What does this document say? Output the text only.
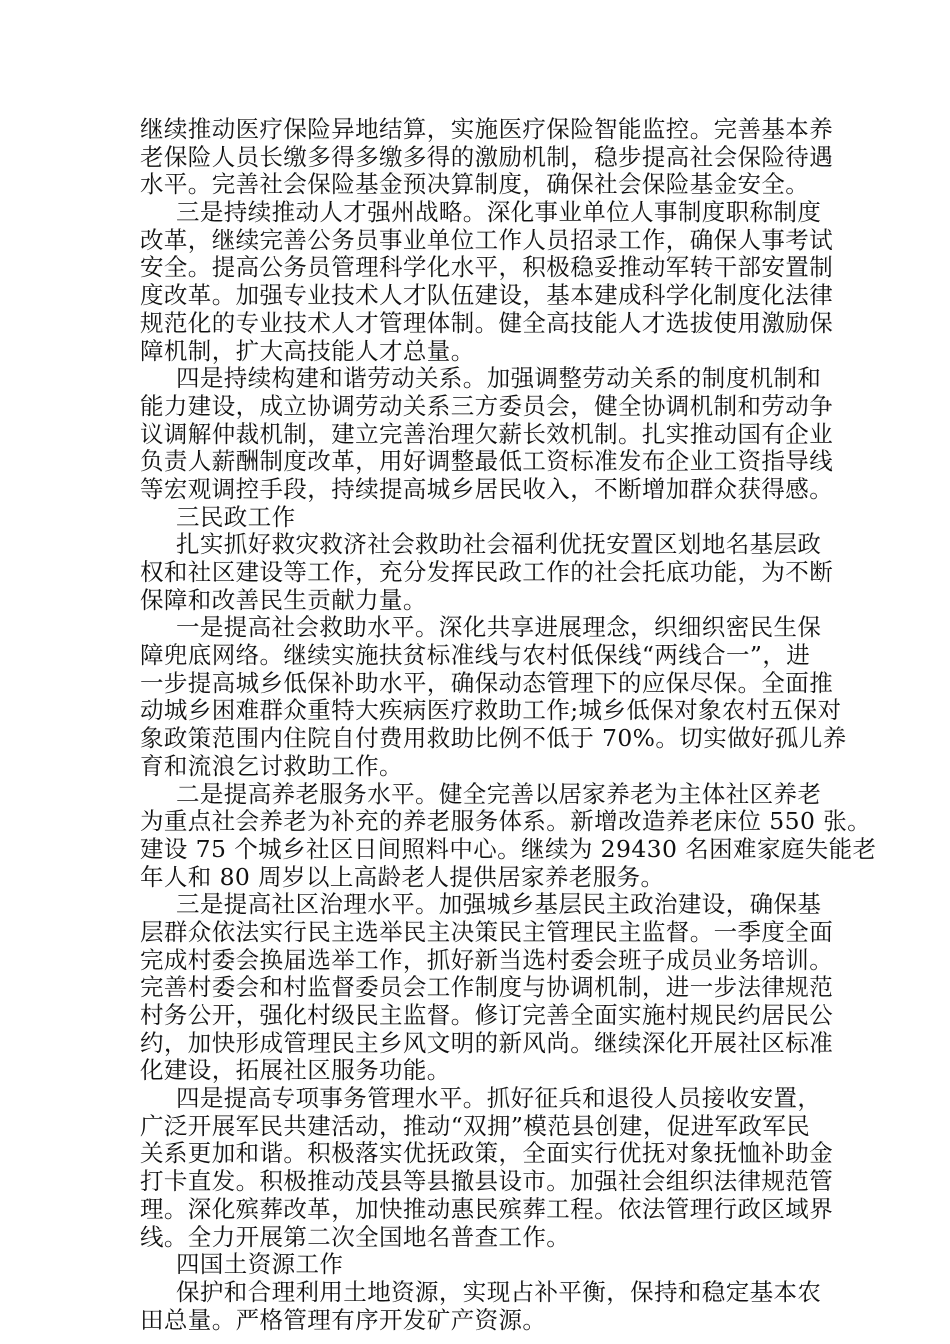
继续推动医疗保险异地结算，实施医疗保险智能监控。完善基本养
老保险人员长缴多得多缴多得的激励机制，稳步提高社会保险待遇
水平。完善社会保险基金预决算制度，确保社会保险基金安全。
三是持续推动人才强州战略。深化事业单位人事制度职称制度
改革，继续完善公务员事业单位工作人员招录工作，确保人事考试
安全。提高公务员管理科学化水平，积极稳妥推动军转干部安置制
度改革。加强专业技术人才队伍建设，基本建成科学化制度化法律
规范化的专业技术人才管理体制。健全高技能人才选拔使用激励保
障机制，扩大高技能人才总量。
四是持续构建和谐劳动关系。加强调整劳动关系的制度机制和
能力建设，成立协调劳动关系三方委员会，健全协调机制和劳动争
议调解仲裁机制，建立完善治理欠薪长效机制。扎实推动国有企业
负责人薪酬制度改革，用好调整最低工资标准发布企业工资指导线
等宏观调控手段，持续提高城乡居民收入，不断增加群众获得感。
三民政工作
扎实抓好救灾救济社会救助社会福利优抚安置区划地名基层政
权和社区建设等工作，充分发挥民政工作的社会托底功能，为不断
保障和改善民生贡献力量。
一是提高社会救助水平。深化共享进展理念，织细织密民生保
障兜底网络。继续实施扶贫标准线与农村低保线“两线合一”，进
一步提高城乡低保补助水平，确保动态管理下的应保尽保。全面推
动城乡困难群众重特大疾病医疗救助工作;城乡低保对象农村五保对
象政策范围内住院自付费用救助比例不低于 70%。切实做好孤儿养
育和流浪乞讨救助工作。
二是提高养老服务水平。健全完善以居家养老为主体社区养老
为重点社会养老为补充的养老服务体系。新增改造养老床位 550 张。
建设 75 个城乡社区日间照料中心。继续为 29430 名困难家庭失能老
年人和 80 周岁以上高龄老人提供居家养老服务。
三是提高社区治理水平。加强城乡基层民主政治建设，确保基
层群众依法实行民主选举民主决策民主管理民主监督。一季度全面
完成村委会换届选举工作，抓好新当选村委会班子成员业务培训。
完善村委会和村监督委员会工作制度与协调机制，进一步法律规范
村务公开，强化村级民主监督。修订完善全面实施村规民约居民公
约，加快形成管理民主乡风文明的新风尚。继续深化开展社区标准
化建设，拓展社区服务功能。
四是提高专项事务管理水平。抓好征兵和退役人员接收安置，
广泛开展军民共建活动，推动“双拥”模范县创建，促进军政军民
关系更加和谐。积极落实优抚政策，全面实行优抚对象抚恤补助金
打卡直发。积极推动茂县等县撤县设市。加强社会组织法律规范管
理。深化殡葬改革，加快推动惠民殡葬工程。依法管理行政区域界
线。全力开展第二次全国地名普查工作。
四国土资源工作
保护和合理利用土地资源，实现占补平衡，保持和稳定基本农
田总量。严格管理有序开发矿产资源。
